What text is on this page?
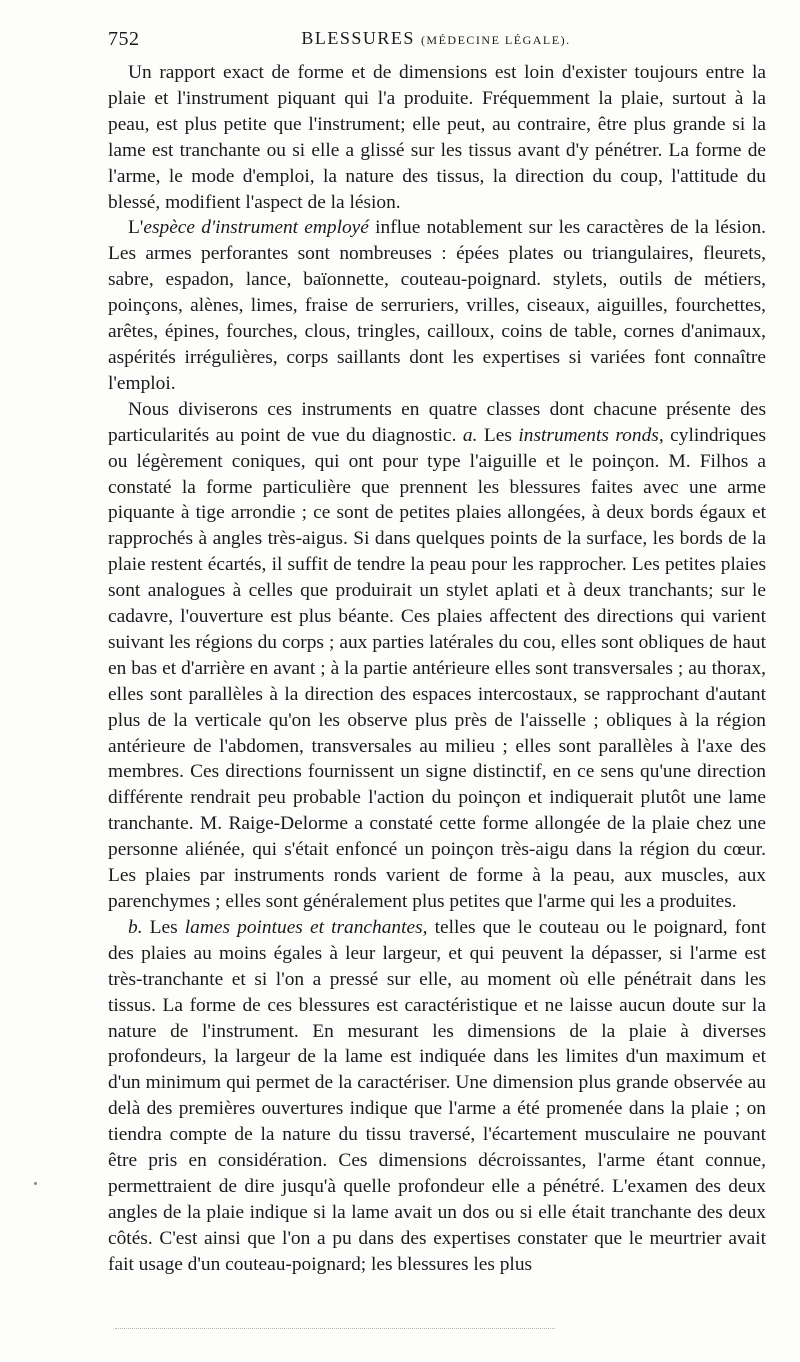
752	BLESSURES (MÉDECINE LÉGALE).

Un rapport exact de forme et de dimensions est loin d'exister toujours entre la plaie et l'instrument piquant qui l'a produite. Fréquemment la plaie, surtout à la peau, est plus petite que l'instrument; elle peut, au contraire, être plus grande si la lame est tranchante ou si elle a glissé sur les tissus avant d'y pénétrer. La forme de l'arme, le mode d'emploi, la nature des tissus, la direction du coup, l'attitude du blessé, modifient l'aspect de la lésion.

L'espèce d'instrument employé influe notablement sur les caractères de la lésion. Les armes perforantes sont nombreuses : épées plates ou triangulaires, fleurets, sabre, espadon, lance, baïonnette, couteau-poignard. stylets, outils de métiers, poinçons, alènes, limes, fraise de serruriers, vrilles, ciseaux, aiguilles, fourchettes, arêtes, épines, fourches, clous, tringles, cailloux, coins de table, cornes d'animaux, aspérités irrégulières, corps saillants dont les expertises si variées font connaître l'emploi.

Nous diviserons ces instruments en quatre classes dont chacune présente des particularités au point de vue du diagnostic. a. Les instruments ronds, cylindriques ou légèrement coniques, qui ont pour type l'aiguille et le poinçon. M. Filhos a constaté la forme particulière que prennent les blessures faites avec une arme piquante à tige arrondie ; ce sont de petites plaies allongées, à deux bords égaux et rapprochés à angles très-aigus. Si dans quelques points de la surface, les bords de la plaie restent écartés, il suffit de tendre la peau pour les rapprocher. Les petites plaies sont analogues à celles que produirait un stylet aplati et à deux tranchants; sur le cadavre, l'ouverture est plus béante. Ces plaies affectent des directions qui varient suivant les régions du corps ; aux parties latérales du cou, elles sont obliques de haut en bas et d'arrière en avant ; à la partie antérieure elles sont transversales ; au thorax, elles sont parallèles à la direction des espaces intercostaux, se rapprochant d'autant plus de la verticale qu'on les observe plus près de l'aisselle ; obliques à la région antérieure de l'abdomen, transversales au milieu ; elles sont parallèles à l'axe des membres. Ces directions fournissent un signe distinctif, en ce sens qu'une direction différente rendrait peu probable l'action du poinçon et indiquerait plutôt une lame tranchante. M. Raige-Delorme a constaté cette forme allongée de la plaie chez une personne aliénée, qui s'était enfoncé un poinçon très-aigu dans la région du cœur. Les plaies par instruments ronds varient de forme à la peau, aux muscles, aux parenchymes ; elles sont généralement plus petites que l'arme qui les a produites.

b. Les lames pointues et tranchantes, telles que le couteau ou le poignard, font des plaies au moins égales à leur largeur, et qui peuvent la dépasser, si l'arme est très-tranchante et si l'on a pressé sur elle, au moment où elle pénétrait dans les tissus. La forme de ces blessures est caractéristique et ne laisse aucun doute sur la nature de l'instrument. En mesurant les dimensions de la plaie à diverses profondeurs, la largeur de la lame est indiquée dans les limites d'un maximum et d'un minimum qui permet de la caractériser. Une dimension plus grande observée au delà des premières ouvertures indique que l'arme a été promenée dans la plaie ; on tiendra compte de la nature du tissu traversé, l'écartement musculaire ne pouvant être pris en considération. Ces dimensions décroissantes, l'arme étant connue, permettraient de dire jusqu'à quelle profondeur elle a pénétré. L'examen des deux angles de la plaie indique si la lame avait un dos ou si elle était tranchante des deux côtés. C'est ainsi que l'on a pu dans des expertises constater que le meurtrier avait fait usage d'un couteau-poignard; les blessures les plus
